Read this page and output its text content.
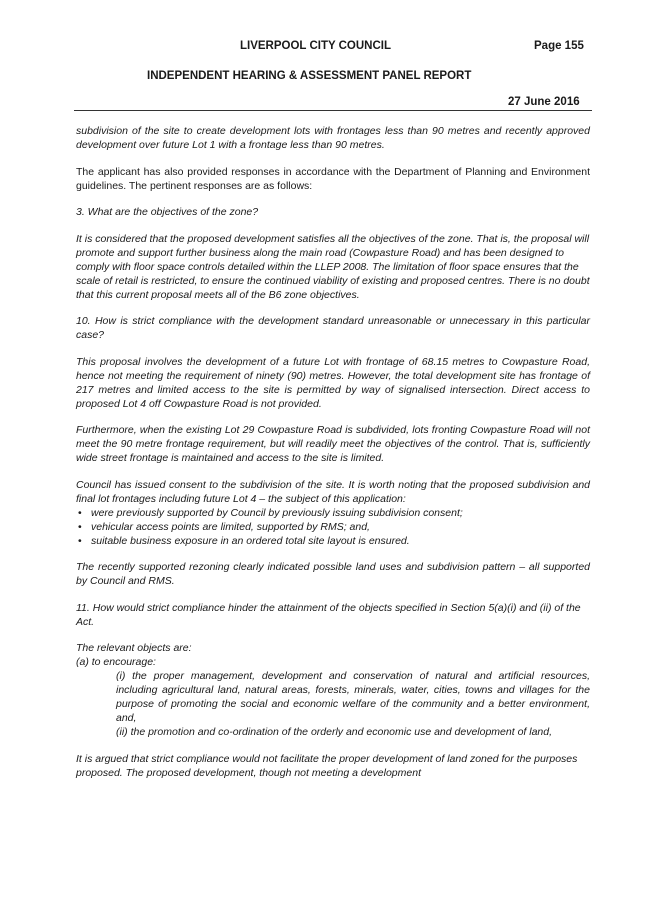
LIVERPOOL CITY COUNCIL	Page 155
INDEPENDENT HEARING & ASSESSMENT PANEL REPORT
27 June 2016

subdivision of the site to create development lots with frontages less than 90 metres and recently approved development over future Lot 1 with a frontage less than 90 metres.

The applicant has also provided responses in accordance with the Department of Planning and Environment guidelines. The pertinent responses are as follows:

3. What are the objectives of the zone?

It is considered that the proposed development satisfies all the objectives of the zone. That is, the proposal will promote and support further business along the main road (Cowpasture Road) and has been designed to comply with floor space controls detailed within the LLEP 2008. The limitation of floor space ensures that the scale of retail is restricted, to ensure the continued viability of existing and proposed centres. There is no doubt that this current proposal meets all of the B6 zone objectives.

10. How is strict compliance with the development standard unreasonable or unnecessary in this particular case?

This proposal involves the development of a future Lot with frontage of 68.15 metres to Cowpasture Road, hence not meeting the requirement of ninety (90) metres. However, the total development site has frontage of 217 metres and limited access to the site is permitted by way of signalised intersection. Direct access to proposed Lot 4 off Cowpasture Road is not provided.

Furthermore, when the existing Lot 29 Cowpasture Road is subdivided, lots fronting Cowpasture Road will not meet the 90 metre frontage requirement, but will readily meet the objectives of the control. That is, sufficiently wide street frontage is maintained and access to the site is limited.

Council has issued consent to the subdivision of the site. It is worth noting that the proposed subdivision and final lot frontages including future Lot 4 – the subject of this application:
• were previously supported by Council by previously issuing subdivision consent;
• vehicular access points are limited, supported by RMS; and,
• suitable business exposure in an ordered total site layout is ensured.

The recently supported rezoning clearly indicated possible land uses and subdivision pattern – all supported by Council and RMS.

11. How would strict compliance hinder the attainment of the objects specified in Section 5(a)(i) and (ii) of the Act.

The relevant objects are:
(a) to encourage:
(i) the proper management, development and conservation of natural and artificial resources, including agricultural land, natural areas, forests, minerals, water, cities, towns and villages for the purpose of promoting the social and economic welfare of the community and a better environment, and,
(ii) the promotion and co-ordination of the orderly and economic use and development of land,

It is argued that strict compliance would not facilitate the proper development of land zoned for the purposes proposed. The proposed development, though not meeting a development
